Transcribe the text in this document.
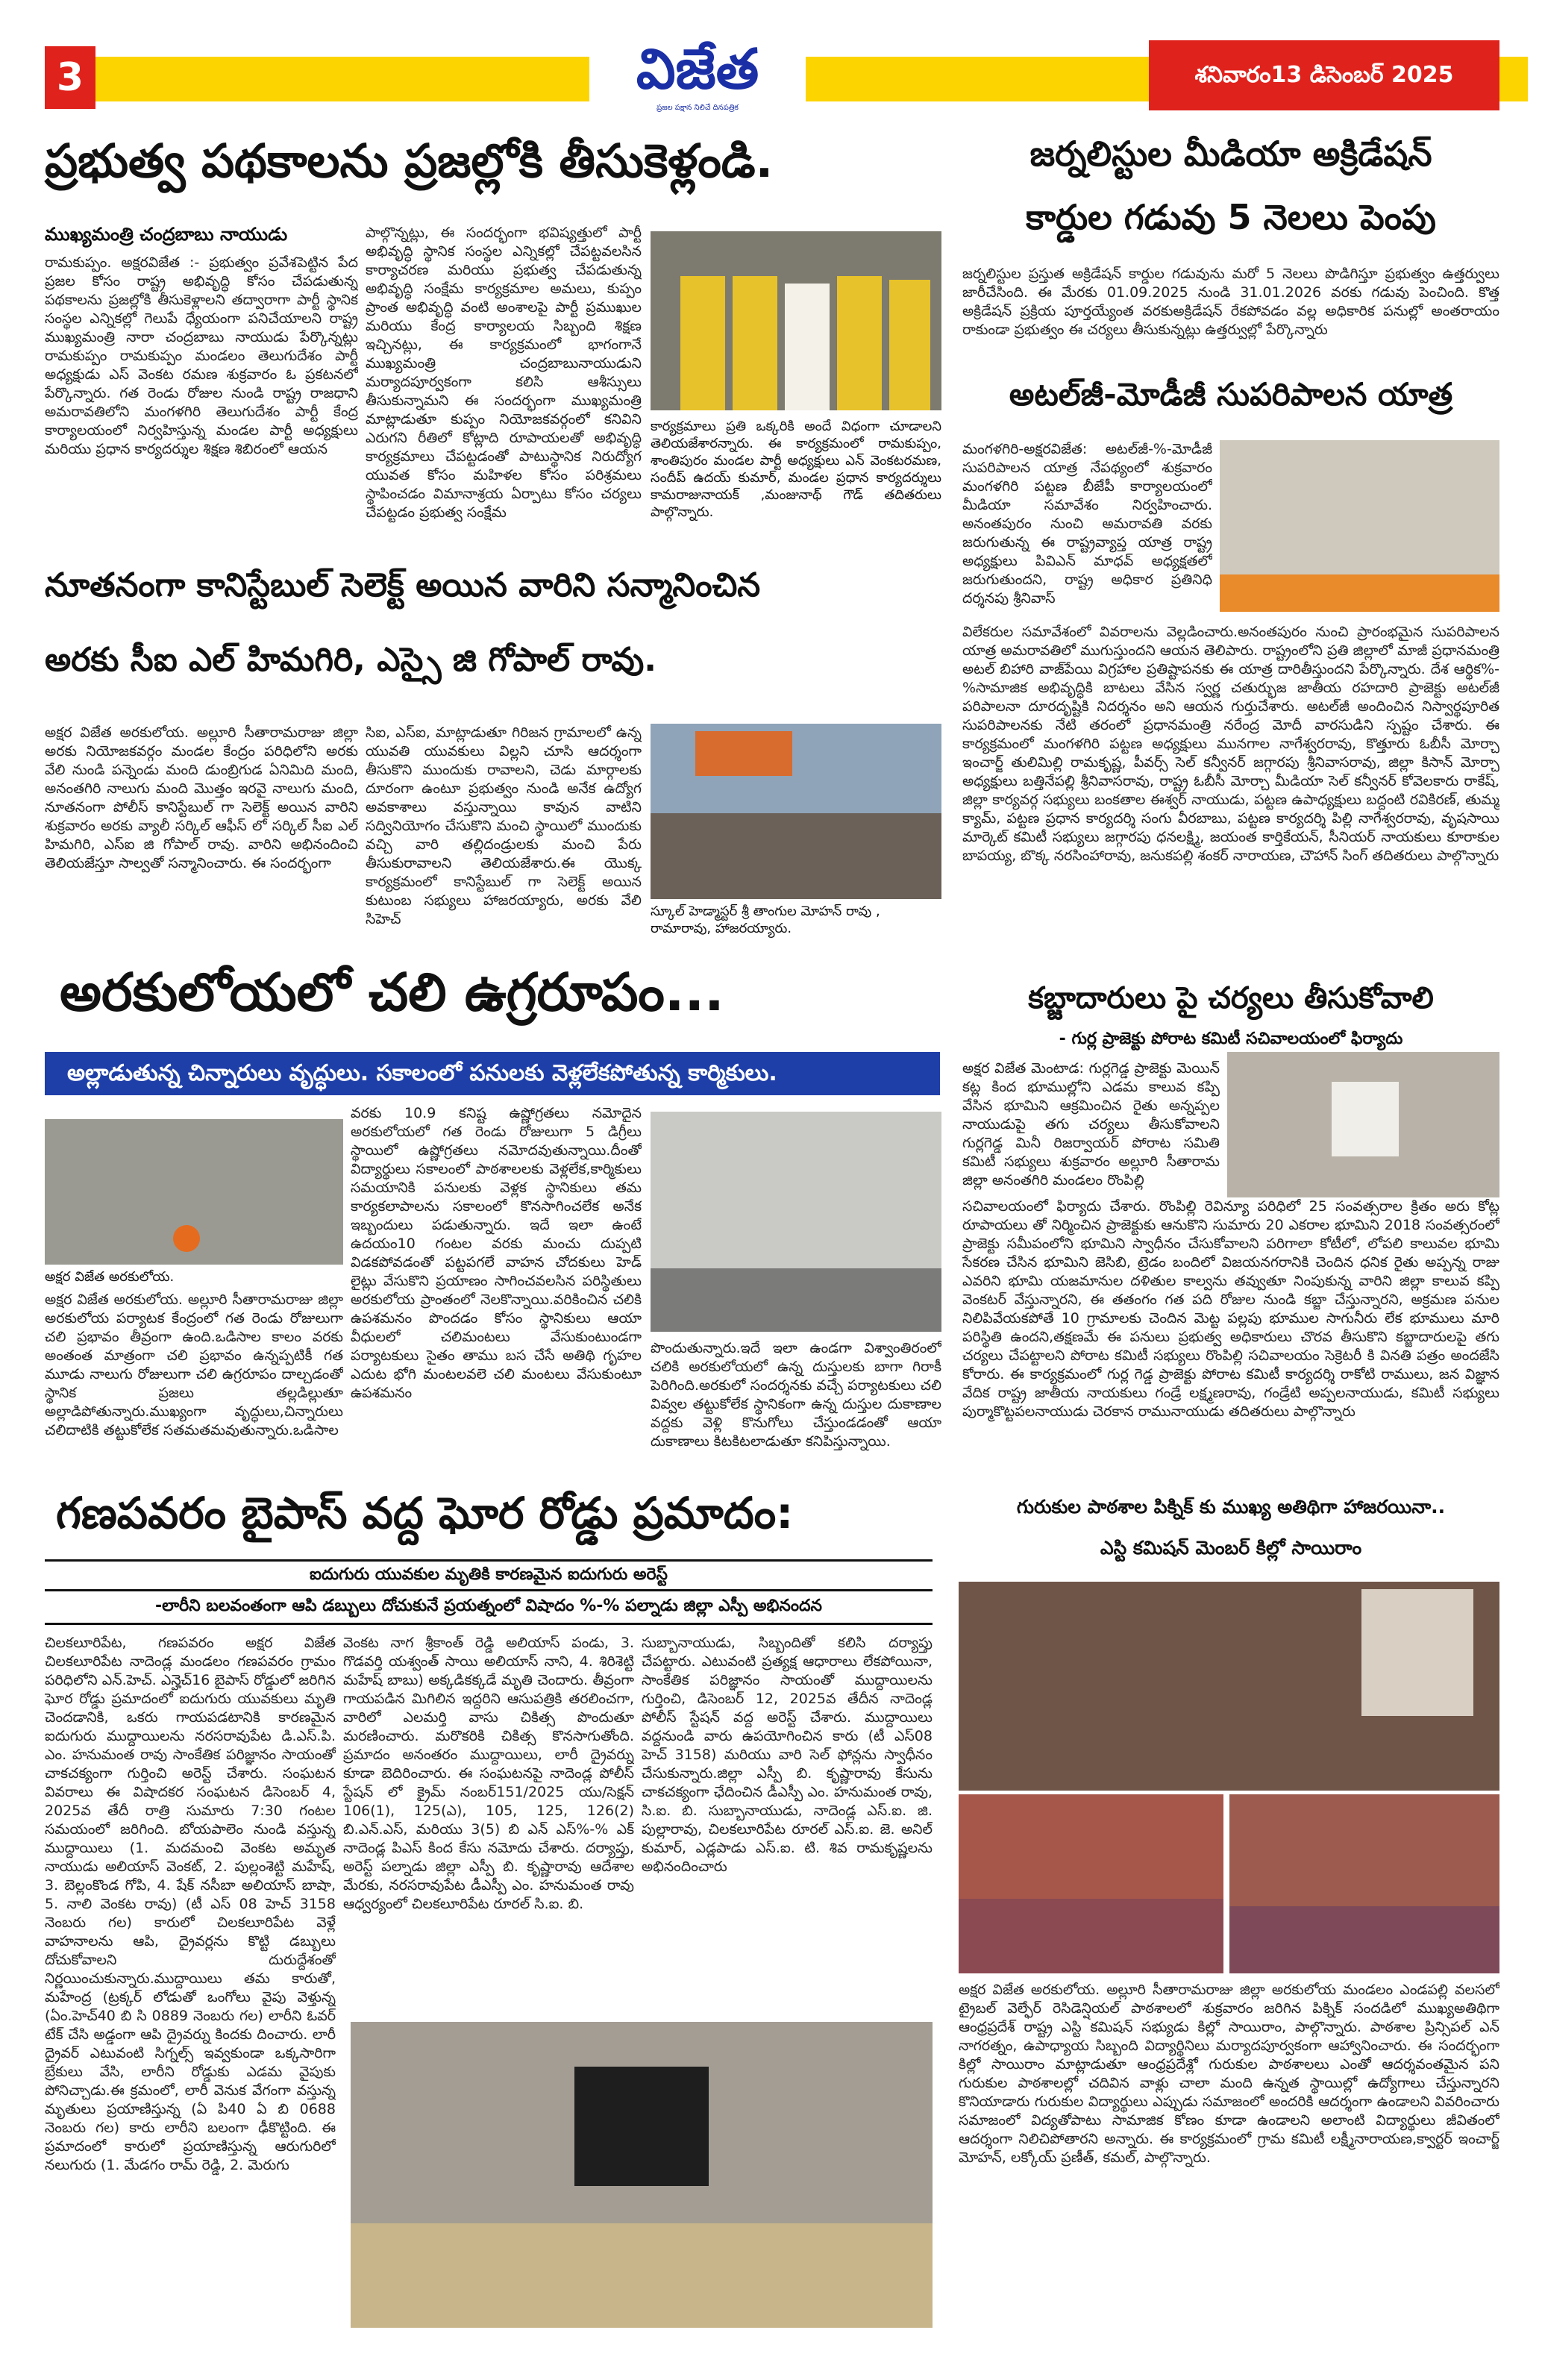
3	విజేత
ప్రజల పక్షాన నిలిచే దినపత్రిక
శనివారం13 డిసెంబర్ 2025
ప్రభుత్వ పథకాలను ప్రజల్లోకి తీసుకెళ్లండి.
ముఖ్యమంత్రి చంద్రబాబు నాయుడు
రామకుప్పం. అక్షరవిజేత :- ప్రభుత్వం ప్రవేశపెట్టిన పేద ప్రజల కోసం రాష్ట్ర అభివృద్ధి కోసం చేపడుతున్న పథకాలను ప్రజల్లోకి తీసుకెళ్లాలని తద్వారాగా పార్టీ స్థానిక సంస్థల ఎన్నికల్లో గెలుపే ధ్యేయంగా పనిచేయాలని రాష్ట్ర ముఖ్యమంత్రి నారా చంద్రబాబు నాయుడు పేర్కొన్నట్లు రామకుప్పం రామకుప్పం మండలం తెలుగుదేశం పార్టీ అధ్యక్షుడు ఎస్ వెంకట రమణ శుక్రవారం ఓ ప్రకటనలో పేర్కొన్నారు. గత రెండు రోజుల నుండి రాష్ట్ర రాజధాని అమరావతిలోని మంగళగిరి తెలుగుదేశం పార్టీ కేంద్ర కార్యాలయంలో నిర్వహిస్తున్న మండల పార్టీ అధ్యక్షులు మరియు ప్రధాన కార్యదర్శుల శిక్షణ శిబిరంలో ఆయన
పాల్గొన్నట్లు, ఈ సందర్భంగా భవిష్యత్తులో పార్టీ అభివృద్ధి స్థానిక సంస్థల ఎన్నికల్లో చేపట్టవలసిన కార్యాచరణ మరియు ప్రభుత్వ చేపడుతున్న అభివృద్ధి సంక్షేమ కార్యక్రమాల అమలు, కుప్పం ప్రాంత అభివృద్ధి వంటి అంశాలపై పార్టీ ప్రముఖుల మరియు కేంద్ర కార్యాలయ సిబ్బంది శిక్షణ ఇచ్చినట్లు, ఈ కార్యక్రమంలో భాగంగానే ముఖ్యమంత్రి చంద్రబాబునాయుడుని మర్యాదపూర్వకంగా కలిసి ఆశీస్సులు తీసుకున్నామని ఈ సందర్భంగా ముఖ్యమంత్రి మాట్లాడుతూ కుప్పం నియోజకవర్గంలో కనివిని ఎరుగని రీతిలో కోట్లాది రూపాయలతో అభివృద్ధి కార్యక్రమాలు చేపట్టడంతో పాటుస్థానిక నిరుద్యోగ యువత కోసం మహిళల కోసం పరిశ్రమలు స్థాపించడం విమానాశ్రయ ఏర్పాటు కోసం చర్యలు చేపట్టడం ప్రభుత్వ సంక్షేమ
కార్యక్రమాలు ప్రతి ఒక్కరికి అందే విధంగా చూడాలని తెలియజేశారన్నారు. ఈ కార్యక్రమంలో రామకుప్పం, శాంతిపురం మండల పార్టీ అధ్యక్షులు ఎన్ వెంకటరమణ, సందీప్ ఉదయ్ కుమార్, మండల ప్రధాన కార్యదర్శులు కామరాజునాయక్ ,మంజునాథ్ గౌడ్ తదితరులు పాల్గొన్నారు.
నూతనంగా కానిస్టేబుల్ సెలెక్ట్ అయిన వారిని సన్మానించిన
అరకు సీఐ ఎల్ హిమగిరి, ఎస్సై జి గోపాల్ రావు.
అక్షర విజేత అరకులోయ. అల్లూరి సీతారామరాజు జిల్లా అరకు నియోజకవర్గం మండల కేంద్రం పరిధిలోని అరకు వేలి నుండి పన్నెండు మంది డుంబ్రిగుడ ఏనిమిది మంది, అనంతగిరి నాలుగు మంది మొత్తం ఇరవై నాలుగు మంది, నూతనంగా పోలీస్ కానిస్టేబుల్ గా సెలెక్ట్ అయిన వారిని శుక్రవారం అరకు వ్యాలీ సర్కిల్ ఆఫీస్ లో సర్కిల్ సీఐ ఎల్ హిమగిరి, ఎస్ఐ జి గోపాల్ రావు. వారిని అభినందించి తెలియజేస్తూ సాల్వతో సన్మానించారు. ఈ సందర్భంగా
సిఐ, ఎస్ఐ, మాట్లాడుతూ గిరిజన గ్రామాలలో ఉన్న యువతి యువకులు విల్లని చూసి ఆదర్శంగా తీసుకొని ముందుకు రావాలని, చెడు మార్గాలకు దూరంగా ఉంటూ ప్రభుత్వం నుండి అనేక ఉద్యోగ అవకాశాలు వస్తున్నాయి కావున వాటిని సద్వినియోగం చేసుకొని మంచి స్థాయిలో ముందుకు వచ్చి వారి తల్లిదండ్రులకు మంచి పేరు తీసుకురావాలని తెలియజేశారు.ఈ యొక్క కార్యక్రమంలో కానిస్టేబుల్ గా సెలెక్ట్ అయిన కుటుంబ సభ్యులు హాజరయ్యారు, అరకు వేలి సిహెచ్	స్కూల్ హెడ్మాస్టర్ శ్రీ తాంగుల మోహన్ రావు , రామారావు, హాజరయ్యారు.
అరకులోయలో చలి ఉగ్రరూపం...
అల్లాడుతున్న చిన్నారులు వృద్ధులు. సకాలంలో పనులకు వెళ్లలేకపోతున్న కార్మికులు.
అక్షర విజేత అరకులోయ.
అక్షర విజేత అరకులోయ. అల్లూరి సీతారామరాజు జిల్లా అరకులోయ పర్యాటక కేంద్రంలో గత రెండు రోజులుగా చలి ప్రభావం తీవ్రంగా ఉంది.ఒడిసాల కాలం వరకు అంతంత మాత్రంగా చలి ప్రభావం ఉన్నప్పటికీ గత మూడు నాలుగు రోజులుగా చలి ఉగ్రరూపం దాల్చడంతో స్థానిక ప్రజలు తల్లడిల్లుతూ అల్లాడిపోతున్నారు.ముఖ్యంగా వృద్ధులు,చిన్నారులు చలిదాటికి తట్టుకోలేక సతమతమవుతున్నారు.ఒడిసాల
వరకు 10.9 కనిష్ట ఉష్ణోగ్రతలు నమోదైన అరకులోయలో గత రెండు రోజులుగా 5 డిగ్రీలు స్థాయిలో ఉష్ణోగ్రతలు నమోదవుతున్నాయి.దీంతో విద్యార్థులు సకాలంలో పాఠశాలలకు వెళ్లలేక,కార్మికులు సమయానికి పనులకు వెళ్లక స్థానికులు తమ కార్యకలాపాలను సకాలంలో కొనసాగించలేక అనేక ఇబ్బందులు పడుతున్నారు. ఇదే ఇలా ఉంటే ఉదయం10 గంటల వరకు మంచు దుప్పటి విడకపోవడంతో పట్టపగలే వాహన చోదకులు హెడ్ లైట్లు వేసుకొని ప్రయాణం సాగించవలసిన పరిస్థితులు అరకులోయ ప్రాంతంలో నెలకొన్నాయి.వరికించిన చలికి ఉపశమనం పొందడం కోసం స్థానికులు ఆయా వీధులలో చలిమంటలు వేసుకుంటుండగా పర్యాటకులు సైతం తాము బస చేసే అతిథి గృహల ఎదుట భోగి మంటలవలె చలి మంటలు వేసుకుంటూ ఉపశమనం
పొందుతున్నారు.ఇదే ఇలా ఉండగా విశ్వాంతిరంలో చలికి అరకులోయలో ఉన్న దుస్తులకు బాగా గిరాకీ పెరిగింది.అరకులో సందర్శనకు వచ్చే పర్యాటకులు చలి వివ్వల తట్టుకోలేక స్థానికంగా ఉన్న దుస్తుల దుకాణాల వద్దకు వెళ్లి కొనుగోలు చేస్తుండడంతో ఆయా దుకాణాలు కిటకిటలాడుతూ కనిపిస్తున్నాయి.
గణపవరం బైపాస్ వద్ద ఘోర రోడ్డు ప్రమాదం:
ఐదుగురు యువకుల మృతికి కారణమైన ఐదుగురు అరెస్ట్
-లారీని బలవంతంగా ఆపి డబ్బులు దోచుకునే ప్రయత్నంలో విషాదం %-% పల్నాడు జిల్లా ఎస్పీ అభినందన
చిలకలూరిపేట, గణపవరం అక్షర విజేత చిలకలూరిపేట నాదెండ్ల మండలం గణపవరం గ్రామం పరిధిలోని ఎన్.హెచ్. ఎన్హెచ్16 బైపాస్ రోడ్డులో జరిగిన ఘోర రోడ్డు ప్రమాదంలో ఐదుగురు యువకులు మృతి చెందడానికి, ఒకరు గాయపడటానికి కారణమైన ఐదుగురు ముద్దాయిలను నరసరావుపేట డి.ఎస్.పి. ఎం. హనుమంత రావు సాంకేతిక పరిజ్ఞానం సాయంతో చాకచక్యంగా గుర్తించి అరెస్ట్ చేశారు. సంఘటన వివరాలు ఈ విషాదకర సంఘటన డిసెంబర్ 4, 2025వ తేదీ రాత్రి సుమారు 7:30 గంటల సమయంలో జరిగింది. బోయపాలెం నుండి వస్తున్న ముద్దాయిలు (1. మదమంచి వెంకట అమృత నాయుడు అలియాస్ వెంకట్, 2. పుల్లంశెట్టి మహేష్, 3. బెల్లంకొండ గోపి, 4. షేక్ నసీబా అలియాస్ బాషా, 5. నాలి వెంకట రావు) (టీ ఎస్ 08 హెచ్ 3158 నెంబరు గల) కారులో చిలకలూరిపేట వెళ్లే వాహనాలను ఆపి, ద్రైవర్లను కొట్టి డబ్బులు దోచుకోవాలని దురుద్దేశంతో నిర్ణయించుకున్నారు.ముద్దాయిలు తమ కారుతో, మహేంద్ర (ట్రక్కర్ లోడుతో ఒంగోలు వైపు వెళ్తున్న (ఏం.హెచ్40 బి సి 0889 నెంబరు గల) లారీని ఓవర్ టేక్ చేసి అడ్డంగా ఆపి ద్రైవర్ను కిందకు దించారు. లారీ ద్రైవర్ ఎటువంటి సిగ్నల్స్ ఇవ్వకుండా ఒక్కసారిగా బ్రేకులు వేసి, లారీని రోడ్డుకు ఎడమ వైపుకు పోనిచ్చాడు.ఈ క్రమంలో, లారీ వెనుక వేగంగా వస్తున్న మృతులు ప్రయాణిస్తున్న (ఏ పి40 ఏ బి 0688 నెంబరు గల) కారు లారీని బలంగా ఢీకొట్టింది. ఈ ప్రమాదంలో కారులో ప్రయాణిస్తున్న ఆరుగురిలో నలుగురు (1. మేడగం రామ్ రెడ్డి, 2. మెరుగు
వెంకట నాగ శ్రీకాంత్ రెడ్డి అలియాస్ పండు, 3. గొడవర్తి యశ్వంత్ సాయి అలియాస్ నాని, 4. శిరిశెట్టి మహేష్ బాబు) అక్కడికక్కడే మృతి చెందారు. తీవ్రంగా గాయపడిన మిగిలిన ఇద్దరిని ఆసుపత్రికి తరలించగా, వారిలో ఎలమర్తి వాసు చికిత్స పొందుతూ మరణించారు. మరొకరికి చికిత్స కొనసాగుతోంది. ప్రమాదం అనంతరం ముద్దాయిలు, లారీ ద్రైవర్ను కూడా బెదిరించారు. ఈ సంఘటనపై నాదెండ్ల పోలీస్ స్టేషన్ లో క్రైమ్ నంబర్151/2025 యు/సెక్షన్ 106(1), 125(ఎ), 105, 125, 126(2) బి.ఎన్.ఎస్, మరియు 3(5) బి ఎన్ ఎస్%-% ఎక్ నాదెండ్ల పిఎస్ కింద కేసు నమోదు చేశారు. దర్యాప్తు, అరెస్ట్ పల్నాడు జిల్లా ఎస్పీ బి. కృష్ణారావు ఆదేశాల మేరకు, నరసరావుపేట డీఎస్పీ ఎం. హనుమంత రావు ఆధ్వర్యంలో చిలకలూరిపేట రూరల్ సి.ఐ. బి.
సుబ్బానాయుడు, సిబ్బందితో కలిసి దర్యాప్తు చేపట్టారు. ఎటువంటి ప్రత్యక్ష ఆధారాలు లేకపోయినా, సాంకేతిక పరిజ్ఞానం సాయంతో ముద్దాయిలను గుర్తించి, డిసెంబర్ 12, 2025వ తేదీన నాదెండ్ల పోలీస్ స్టేషన్ వద్ద అరెస్ట్ చేశారు. ముద్దాయిలు వద్దనుండి వారు ఉపయోగించిన కారు (టీ ఎస్08 హెచ్ 3158) మరియు వారి సెల్ ఫోన్లను స్వాధీనం చేసుకున్నారు.జిల్లా ఎస్పీ బి. కృష్ణారావు కేసును చాకచక్యంగా ఛేదించిన డీఎస్పీ ఎం. హనుమంత రావు, సి.ఐ. బి. సుబ్బానాయుడు, నాదెండ్ల ఎస్.ఐ. జి. పుల్లారావు, చిలకలూరిపేట రూరల్ ఎస్.ఐ. జె. అనిల్ కుమార్, ఎడ్లపాడు ఎస్.ఐ. టి. శివ రామకృష్ణలను అభినందించారు
జర్నలిస్టుల మీడియా అక్రిడేషన్
కార్డుల గడువు 5 నెలలు పెంపు
జర్నలిస్టుల ప్రస్తుత అక్రిడేషన్ కార్డుల గడువును మరో 5 నెలలు పొడిగిస్తూ ప్రభుత్వం ఉత్తర్వులు జారీచేసింది. ఈ మేరకు 01.09.2025 నుండి 31.01.2026 వరకు గడువు పెంచింది. కొత్త అక్రిడేషన్ ప్రక్రియ పూర్తయ్యేంత వరకుఅక్రిడేషన్ రేకపోవడం వల్ల అధికారిక పనుల్లో అంతరాయం రాకుండా ప్రభుత్వం ఈ చర్యలు తీసుకున్నట్లు ఉత్తర్వుల్లో పేర్కొన్నారు
అటల్‌జీ-మోడీజీ సుపరిపాలన యాత్ర
మంగళగిరి-అక్షరవిజేత: అటల్‌జీ-%-మోడీజీ సుపరిపాలన యాత్ర నేపథ్యంలో శుక్రవారం మంగళగిరి పట్టణ బీజేపీ కార్యాలయంలో మీడియా సమావేశం నిర్వహించారు. అనంతపురం నుంచి అమరావతి వరకు జరుగుతున్న ఈ రాష్ట్రవ్యాప్త యాత్ర రాష్ట్ర అధ్యక్షులు పివిఎన్ మాధవ్ అధ్యక్షతలో జరుగుతుందని, రాష్ట్ర అధికార ప్రతినిధి దర్శనపు శ్రీనివాస్
విలేకరుల సమావేశంలో వివరాలను వెల్లడించారు.అనంతపురం నుంచి ప్రారంభమైన సుపరిపాలన యాత్ర అమరావతిలో ముగుస్తుందని ఆయన తెలిపారు. రాష్ట్రంలోని ప్రతి జిల్లాలో మాజీ ప్రధానమంత్రి అటల్ బిహారి వాజ్‌పేయి విగ్రహాల ప్రతిష్టాపనకు ఈ యాత్ర దారితీస్తుందని పేర్కొన్నారు. దేశ ఆర్థిక%-%సామాజిక అభివృద్ధికి బాటలు వేసిన స్వర్ణ చతుర్భుజ జాతీయ రహదారి ప్రాజెక్టు అటల్‌జీ పరిపాలనా దూరదృష్టికి నిదర్శనం అని ఆయన గుర్తుచేశారు. అటల్‌జీ అందించిన నిస్వార్థపూరిత సుపరిపాలనకు నేటి తరంలో ప్రధానమంత్రి నరేంద్ర మోదీ వారసుడిని స్పష్టం చేశారు. ఈ కార్యక్రమంలో మంగళగిరి పట్టణ అధ్యక్షులు మునగాల నాగేశ్వరరావు, కొత్తూరు ఓబీసీ మోర్చా ఇంచార్జ్ తులిమిల్లి రామకృష్ణ, పీవర్స్ సెల్ కన్వీనర్ జగ్గారపు శ్రీనివాసరావు, జిల్లా కిసాన్ మోర్చా అధ్యక్షులు బత్తినేపల్లి శ్రీనివాసరావు, రాష్ట్ర ఓబీసీ మోర్చా మీడియా సెల్ కన్వీనర్ కోవెలకారు రాకేష్, జిల్లా కార్యవర్గ సభ్యులు బంకతాల ఈశ్వర్ నాయుడు, పట్టణ ఉపాధ్యక్షులు బద్దంటి రవికిరణ్, తుమ్మ క్యామ్, పట్టణ ప్రధాన కార్యదర్శి సంగు వీరబాబు, పట్టణ కార్యదర్శి పిల్లి నాగేశ్వరరావు, వృషసాయి మార్కెట్ కమిటీ సభ్యులు జగ్గారపు ధనలక్ష్మి, జయంత కార్తికేయన్, సీనియర్ నాయకులు కూరాకుల బాపయ్య, బొక్క నరసింహారావు, జనుకపల్లి శంకర్ నారాయణ, చౌహాన్ సింగ్ తదితరులు పాల్గొన్నారు
కబ్జాదారులు పై చర్యలు తీసుకోవాలి
- గుర్ల ప్రాజెక్టు పోరాట కమిటీ సచివాలయంలో ఫిర్యాదు
అక్షర విజేత మెంటాడ: గుర్లగెడ్డ ప్రాజెక్టు మెయిన్ కట్ల కింద భూముల్లోని ఎడమ కాలువ కప్పి వేసిన భూమిని ఆక్రమించిన రైతు అన్నప్పల నాయుడుపై తగు చర్యలు తీసుకోవాలని గుర్లగెడ్డ మినీ రిజర్వాయర్ పోరాట సమితి కమిటీ సభ్యులు శుక్రవారం అల్లూరి సీతారామ జిల్లా అనంతగిరి మండలం రొంపిల్లి
సచివాలయంలో ఫిర్యాదు చేశారు. రొంపిల్లి రెవిన్యూ పరిధిలో 25 సంవత్సరాల క్రితం అరు కోట్ల రూపాయలు తో నిర్మించిన ప్రాజెక్టుకు ఆనుకొని సుమారు 20 ఎకరాల భూమిని 2018 సంవత్సరంలో ప్రాజెక్టు సమీపంలోని భూమిని స్వాధీనం చేసుకోవాలని పరిగాలా కోటీలో, లోపలి కాలువల భూమి సేకరణ చేసిన భూమిని జెసిబి, ట్రెడం బందిలో విజయనగరానికి చెందిన ధనిక రైతు అప్పన్న రాజు ఎవరిని భూమి యజమానుల దళితుల కాల్వను తవ్వుతూ నింపుకున్న వారిని జిల్లా కాలువ కప్పి వెంకటర్ వేస్తున్నారని, ఈ తతంగం గత పది రోజుల నుండి కబ్జా చేస్తున్నారని, అక్రమణ పనుల నిలిపివేయకపోతే 10 గ్రామాలకు చెందిన మెట్ట పల్లపు భూముల సాగునీరు లేక భూములు మారి పరిస్థితి ఉందని,తక్షణమే ఈ పనులు ప్రభుత్వ అధికారులు చొరవ తీసుకొని కబ్జాదారులపై తగు చర్యలు చేపట్టాలని పోరాట కమిటీ సభ్యులు రొంపిల్లి సచివాలయం సెక్రెటరీ కి వినతి పత్రం అందజేసి కోరారు. ఈ కార్యక్రమంలో గుర్ల గెడ్డ ప్రాజెక్టు పోరాట కమిటీ కార్యదర్శి రాకోటి రాములు, జన విజ్ఞాన వేదిక రాష్ట్ర జాతీయ నాయకులు గండ్రే లక్ష్మణరావు, గండ్రేటి అప్పలనాయుడు, కమిటీ సభ్యులు పుర్మాకొట్టపలనాయుడు చెరకాన రామునాయుడు తదితరులు పాల్గొన్నారు
గురుకుల పాఠశాల పిక్నిక్ కు ముఖ్య అతిథిగా హాజరయినా..
ఎస్టి కమిషన్ మెంబర్ కిల్లో సాయిరాం
అక్షర విజేత అరకులోయ. అల్లూరి సీతారామరాజు జిల్లా అరకులోయ మండలం ఎండపల్లి వలసలో ట్రైబల్ వెల్ఫేర్ రెసిడెన్షియల్ పాఠశాలలో శుక్రవారం జరిగిన పిక్నిక్ సందడిలో ముఖ్యఅతిథిగా ఆంధ్రప్రదేశ్ రాష్ట్ర ఎస్టి కమిషన్ సభ్యుడు కిల్లో సాయిరాం, పాల్గొన్నారు. పాఠశాల ప్రిన్సిపల్ ఎన్ నాగరత్నం, ఉపాధ్యాయ సిబ్బంది విద్యార్థినిలు మర్యాదపూర్వకంగా ఆహ్వానించారు. ఈ సందర్భంగా కిల్లో సాయిరాం మాట్లాడుతూ ఆంధ్రప్రదేశ్లో గురుకుల పాఠశాలలు ఎంతో ఆదర్శవంతమైన పని గురుకుల పాఠశాలల్లో చదివిన వాళ్లు చాలా మంది ఉన్నత స్థాయిల్లో ఉద్యోగాలు చేస్తున్నారని కొనియాడారు గురుకుల విద్యార్థులు ఎప్పుడు సమాజంలో అందరికి ఆదర్శంగా ఉండాలని వివరించారు సమాజంలో విద్యతోపాటు సామాజిక కోణం కూడా ఉండాలని అలాంటి విద్యార్థులు జీవితంలో ఆదర్శంగా నిలిచిపోతారని అన్నారు. ఈ కార్యక్రమంలో గ్రామ కమిటీ లక్ష్మీనారాయణ,క్వార్టర్ ఇంచార్జ్ మోహన్, లక్కోయ్ ప్రణీత్, కమల్, పాల్గొన్నారు.
